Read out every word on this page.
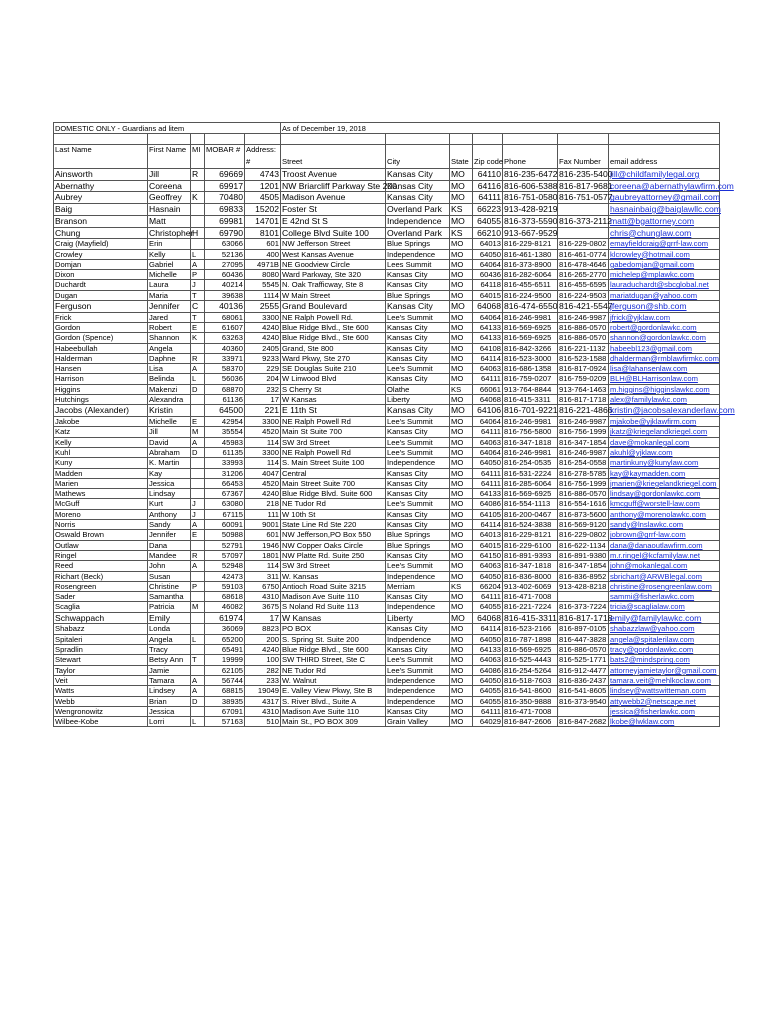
DOMESTIC ONLY - Guardians ad litem					As of December 19, 2018						

Last Name	First Name	MI	MOBAR #	Address:
#	Street	City	State	Zip code	Phone	Fax Number	email address

Ainsworth	Jill	R	69669	4743	Troost Avenue	Kansas City	MO	64110	816-235-6472	816-235-5400	jill@childfamilylegal.org
Abernathy	Coreena		69917	1201	NW Briarcliff Parkway Ste 200	Kansas City	MO	64116	816-606-5388	816-817-9681	coreena@abernathylawfirm.com
Aubrey	Geoffrey	K	70480	4505	Madison Avenue	Kansas City	MO	64111	816-751-0580	816-751-0577	gaubreyattorney@gmail.com
Baig	Hasnain		69833	15202	Foster St	Overland Park	KS	66223	913-428-9219		hasnainbaig@baiglawllc.com
Branson	Matt		69981	14701	E 42nd St S	Independence	MO	64055	816-373-5590	816-373-2112	matt@bgattorney.com
Chung	Christopher	H	69790	8101	College Blvd Suite 100	Overland Park	KS	66210	913-667-9529		chris@chunglaw.com
Craig (Mayfield)	Erin		63066	601	NW Jefferson Street	Blue Springs	MO	64013	816-229-8121	816-229-0802	emayfieldcraig@grrf-law.com
Crowley	Kelly	L	52136	400	West Kansas Avenue	Independence	MO	64050	816-461-1380	816-461-0774	klcrowley@hotmail.com
Domjan	Gabriel	A	27095	4971B	NE Goodview Circle	Lees Summit	MO	64064	816-373-8900	816-478-4646	gabedomjan@gmail.com
Dixon	Michelle	P	60436	8080	Ward Parkway, Ste 320	Kansas City	MO	60436	816-282-6064	816-265-2770	michelep@mplawkc.com
Duchardt	Laura	J	40214	5545	N. Oak Trafficway, Ste 8	Kansas City	MO	64118	816-455-6511	816-455-6595	lauraduchardt@sbcglobal.net
Dugan	Maria	T	39638	1114	W Main Street	Blue Springs	MO	64015	816-224-9500	816-224-9503	mariatdugan@yahoo.com
Ferguson	Jennifer	C	40136	2555	Grand Boulevard	Kansas City	MO	64068	816-474-6550	816-421-5547	jferguson@shb.com
Frick	Jared	T	68061	3300	NE Ralph Powell Rd.	Lee's Summit	MO	64064	816-246-9981	816-246-9987	jfrick@yjklaw.com
Gordon	Robert	E	61607	4240	Blue Ridge Blvd., Ste 600	Kansas City	MO	64133	816-569-6925	816-886-0570	robert@gordonlawkc.com
Gordon (Spence)	Shannon	K	63263	4240	Blue Ridge Blvd., Ste 600	Kansas City	MO	64133	816-569-6925	816-886-0570	shannon@gordonlawkc.com
Habeebullah	Angela		40360	2405	Grand, Ste 800	Kansas City	MO	64108	816-842-3266	816-221-1132	habeebl123@gmail.com
Halderman	Daphne	R	33971	9233	Ward Pkwy, Ste 270	Kansas City	MO	64114	816-523-3000	816-523-1588	dhalderman@rmblawfirmkc.com
Hansen	Lisa	A	58370	229	SE Douglas Suite 210	Lee's Summit	MO	64063	816-686-1358	816-817-0924	lisa@lahansenlaw.com
Harrison	Belinda	L	56036	204	W Linwood Blvd	Kansas City	MO	64111	816-759-0207	816-759-0209	BLH@BLHarrisonlaw.com
Higgins	Makenzi	D	68870	232	S Cherry St	Olathe	KS	66061	913-764-8844	913-764-1463	m.higgins@higginslawkc.com
Hutchings	Alexandra		61136	17	W Kansas	Liberty	MO	64068	816-415-3311	816-817-1718	alex@familylawkc.com
Jacobs (Alexander)	Kristin		64500	221	E 11th St	Kansas City	MO	64106	816-701-9221	816-221-4866	kristin@jacobsalexanderlaw.com
Jakobe	Michelle	E	42954	3300	NE Ralph Powell Rd	Lee's Summit	MO	64064	816-246-9981	816-246-9987	mjakobe@yjklawfirm.com
Katz	Jill	M	35554	4520	Main St Suite 700	Kansas City	MO	64111	816-756-5800	816-756-1999	jkatz@kriegelandkriegel.com
Kelly	David	A	45983	114	SW 3rd Street	Lee's Summit	MO	64063	816-347-1818	816-347-1854	dave@mokanlegal.com
Kuhl	Abraham	D	61135	3300	NE Ralph Powell Rd	Lee's Summit	MO	64064	816-246-9981	816-246-9987	akuhl@yjklaw.com
Kuny	K. Martin		33993	114	S. Main Street Suite 100	Independence	MO	64050	816-254-0535	816-254-0558	martinkuny@kunylaw.com
Madden	Kay		31206	4047	Central	Kansas City	MO	64111	816-531-2224	816-278-5785	kay@kaymadden.com
Marien	Jessica		66453	4520	Main Street Suite 700	Kansas City	MO	64111	816-285-6064	816-756-1999	jmarien@kriegelandkriegel.com
Mathews	Lindsay		67367	4240	Blue Ridge Blvd. Suite 600	Kansas City	MO	64133	816-569-6925	816-886-0570	lindsay@gordonlawkc.com
McGuff	Kurt	J	63080	218	NE Tudor Rd	Lee's Summit	MO	64086	816-554-1113	816-554-1616	kmcguff@worstell-law.com
Moreno	Anthony	J	67115	111	W 10th St	Kansas City	MO	64105	816-200-0467	816-873-5600	anthony@morenolawkc.com
Norris	Sandy	A	60091	9001	State Line Rd Ste 220	Kansas City	MO	64114	816-524-3838	816-569-9120	sandy@lnslawkc.com
Oswald Brown	Jennifer	E	50988	601	NW Jefferson,PO Box 550	Blue Springs	MO	64013	816-229-8121	816-229-0802	jobrown@grrf-law.com
Outlaw	Dana		52791	1946	NW Copper Oaks Circle	Blue Springs	MO	64015	816-229-6100	816-622-1134	dana@danaoutlawfirm.com
Ringel	Mandee	R	57097	1801	NW Platte Rd. Suite 250	Kansas City	MO	64150	816-891-9393	816-891-9380	m.r.ringel@kcfamilylaw.net
Reed	John	A	52948	114	SW 3rd Street	Lee's Summit	MO	64063	816-347-1818	816-347-1854	john@mokanlegal.com
Richart (Beck)	Susan		42473	311	W. Kansas	Independence	MO	64050	816-836-8000	816-836-8952	sbrichart@ARWBlegal.com
Rosengreen	Christine	P	59103	6750	Antioch Road Suite 3215	Merriam	KS	66204	913-402-6069	913-428-8218	christine@rosengreenlaw.com
Sader	Samantha		68618	4310	Madison Ave Suite 110	Kansas City	MO	64111	816-471-7008		sammi@fisherlawkc.com
Scaglia	Patricia	M	46082	3675	S Noland Rd Suite 113	Independence	MO	64055	816-221-7224	816-373-7224	tricia@scaglialaw.com
Schwappach	Emily		61974	17	W Kansas	Liberty	MO	64068	816-415-3311	816-817-1718	emily@familylawkc.com
Shabazz	Londa		36069	8823	PO BOX	Kansas City	MO	64114	816-523-2166	816-897-0105	shabazzlaw@yahoo.com
Spitaleri	Angela	L	65200	200	S. Spring St. Suite 200	Indpendence	MO	64050	816-787-1898	816-447-3828	angela@spitalerilaw.com
Spradlin	Tracy		65491	4240	Blue Ridge Blvd., Ste 600	Kansas City	MO	64133	816-569-6925	816-886-0570	tracy@gordonlawkc.com
Stewart	Betsy Ann	T	19999	100	SW THIRD Street, Ste C	Lee's Summit	MO	64063	816-525-4443	816-525-1771	bats2@mindspring.com
Taylor	Jamie		62105	282	NE Tudor Rd	Lee's Summit	MO	64086	816-254-5264	816-912-4477	attorneyjamietaylor@gmail.com
Veit	Tamara	A	56744	233	W. Walnut	Independence	MO	64050	816-518-7603	816-836-2437	tamara.veit@mehlkoclaw.com
Watts	Lindsey	A	68815	19049	E. Valley View Pkwy, Ste B	Independence	MO	64055	816-541-8600	816-541-8605	lindsey@wattswitteman.com
Webb	Brian	D	38935	4317	S. River Blvd., Suite A	Independence	MO	64055	816-350-9888	816-373-9540	attywebb2@netscape.net
Wengronowitz	Jessica		67091	4310	Madison Ave Suite 110	Kansas City	MO	64111	816-471-7008		jessica@fisherlawkc.com
Wilbee-Kobe	Lorri	L	57163	510	Main St., PO BOX 309	Grain Valley	MO	64029	816-847-2606	816-847-2682	lkobe@lwklaw.com
